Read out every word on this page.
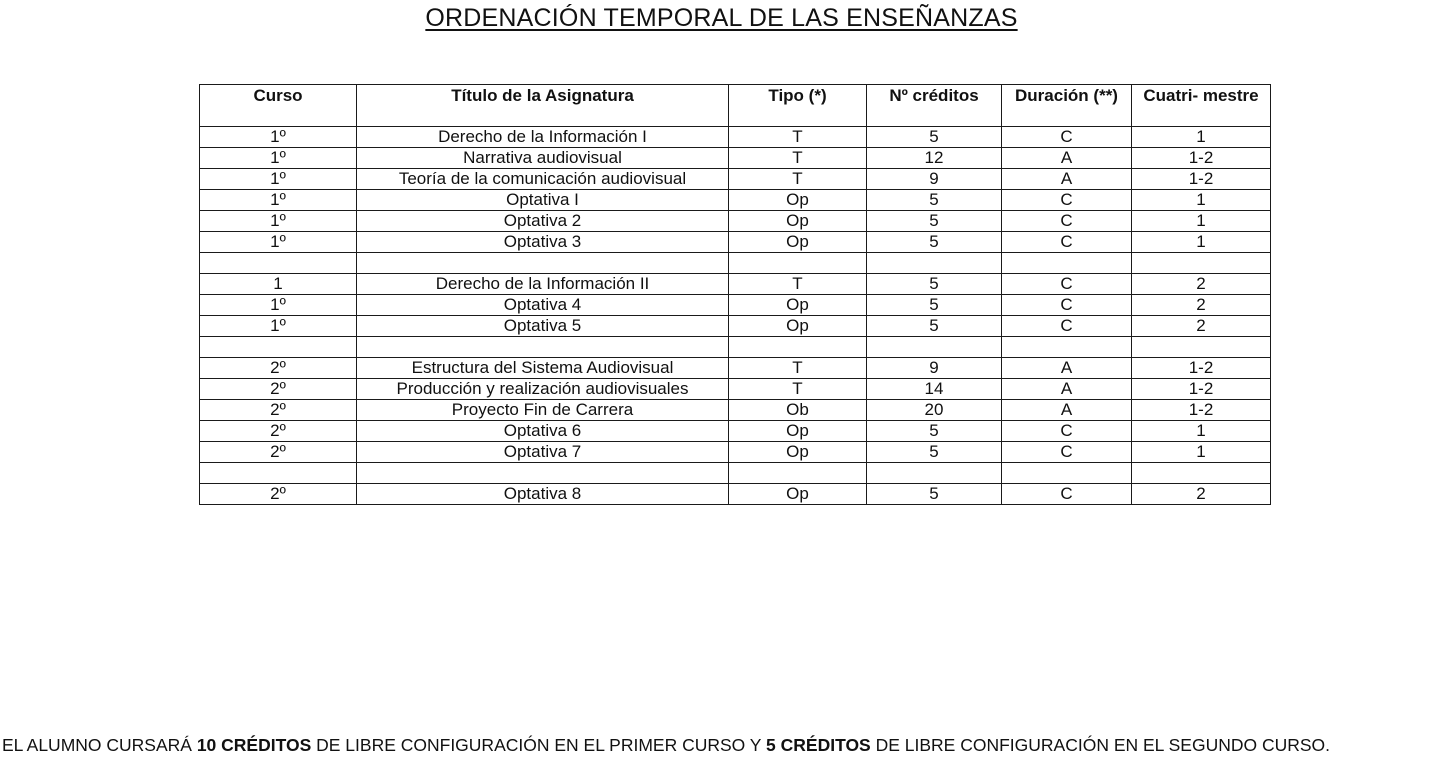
ORDENACIÓN TEMPORAL DE LAS ENSEÑANZAS
Curso	Título de la Asignatura	Tipo (*)	Nº créditos	Duración (**)	Cuatri- mestre
1º	Derecho de la Información I	T	5	C	1
1º	Narrativa audiovisual	T	12	A	1-2
1º	Teoría de la comunicación audiovisual	T	9	A	1-2
1º	Optativa I	Op	5	C	1
1º	Optativa 2	Op	5	C	1
1º	Optativa 3	Op	5	C	1

1	Derecho de la Información II	T	5	C	2
1º	Optativa 4	Op	5	C	2
1º	Optativa 5	Op	5	C	2

2º	Estructura del Sistema Audiovisual	T	9	A	1-2
2º	Producción y realización audiovisuales	T	14	A	1-2
2º	Proyecto Fin de Carrera	Ob	20	A	1-2
2º	Optativa 6	Op	5	C	1
2º	Optativa 7	Op	5	C	1

2º	Optativa 8	Op	5	C	2
EL ALUMNO CURSARÁ 10 CRÉDITOS DE LIBRE CONFIGURACIÓN EN EL PRIMER CURSO Y 5 CRÉDITOS DE LIBRE CONFIGURACIÓN EN EL SEGUNDO CURSO.
